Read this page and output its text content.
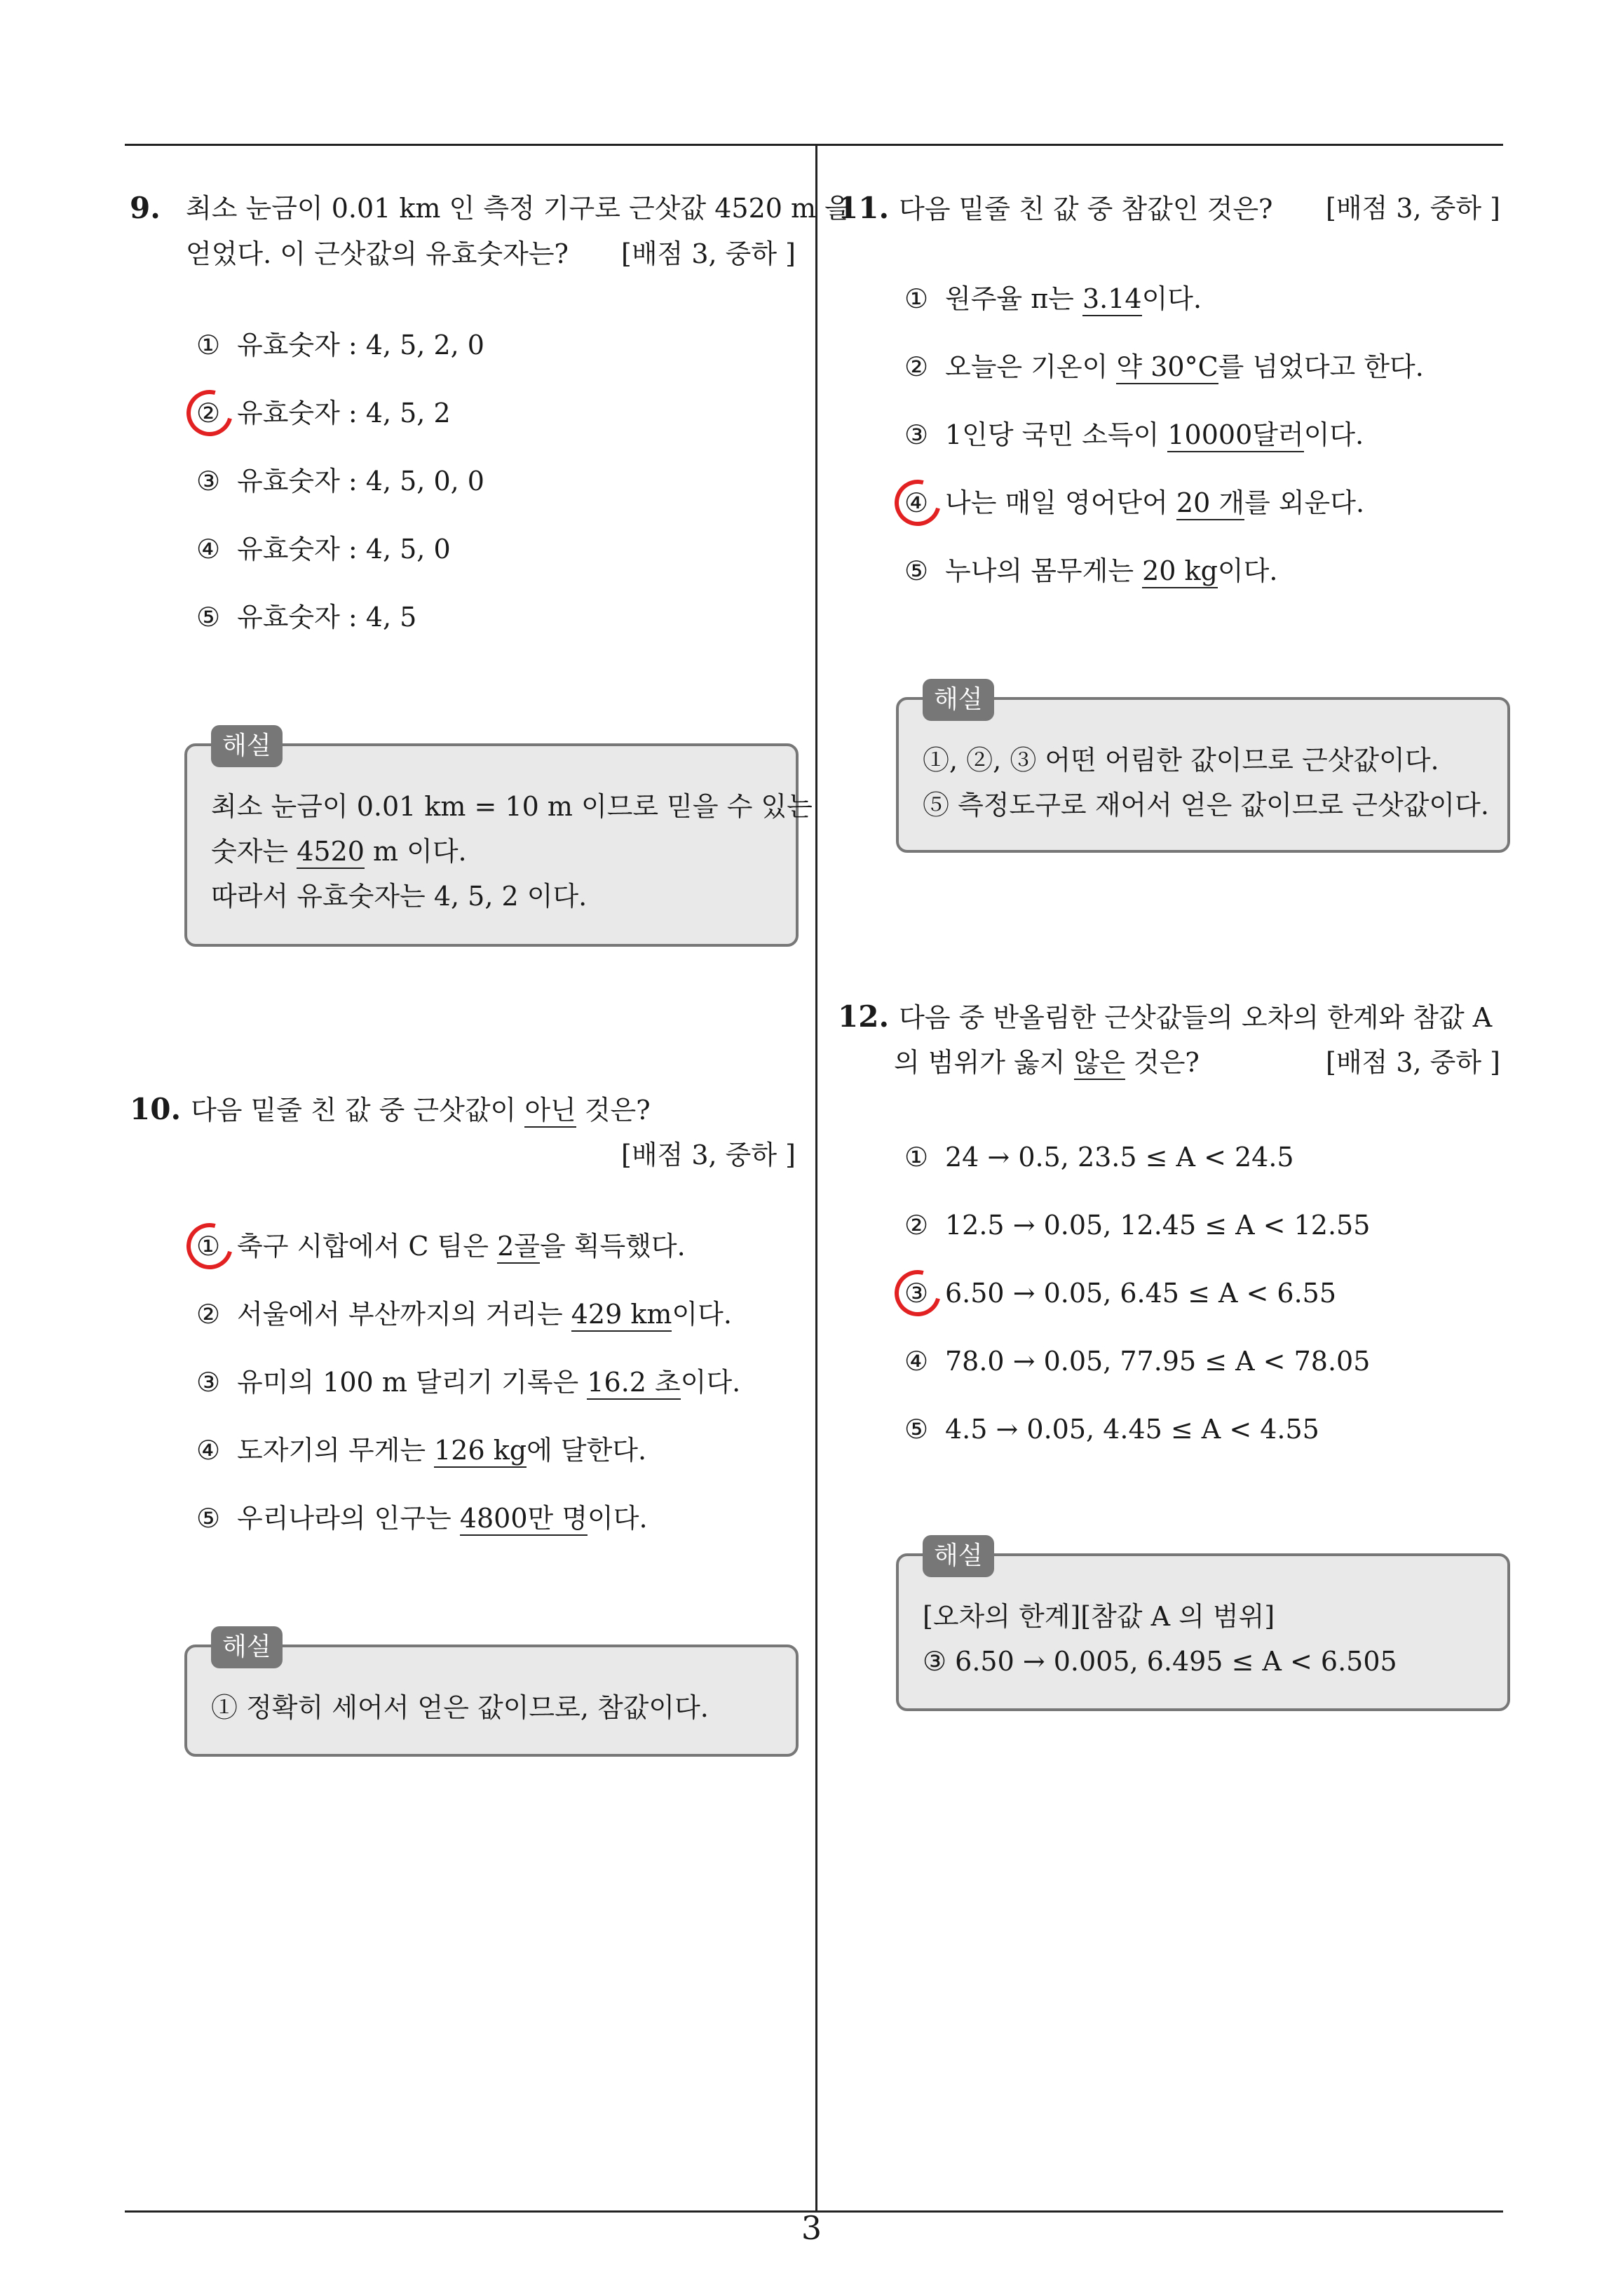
9. 최소 눈금이 0.01 km 인 측정 기구로 근삿값 4520 m 을
얻었다. 이 근삿값의 유효숫자는? [배점 3, 중하 ]
① 유효숫자 : 4, 5, 2, 0
② 유효숫자 : 4, 5, 2
③ 유효숫자 : 4, 5, 0, 0
④ 유효숫자 : 4, 5, 0
⑤ 유효숫자 : 4, 5
해설
최소 눈금이 0.01 km = 10 m 이므로 믿을 수 있는
숫자는 4520 m 이다.
따라서 유효숫자는 4, 5, 2 이다.
10. 다음 밑줄 친 값 중 근삿값이 아닌 것은?
[배점 3, 중하 ]
① 축구 시합에서 C 팀은 2골을 획득했다.
② 서울에서 부산까지의 거리는 429 km이다.
③ 유미의 100 m 달리기 기록은 16.2 초이다.
④ 도자기의 무게는 126 kg에 달한다.
⑤ 우리나라의 인구는 4800만 명이다.
해설
① 정확히 세어서 얻은 값이므로, 참값이다.
11. 다음 밑줄 친 값 중 참값인 것은? [배점 3, 중하 ]
① 원주율 π는 3.14이다.
② 오늘은 기온이 약 30°C를 넘었다고 한다.
③ 1인당 국민 소득이 10000달러이다.
④ 나는 매일 영어단어 20 개를 외운다.
⑤ 누나의 몸무게는 20 kg이다.
해설
①, ②, ③ 어떤 어림한 값이므로 근삿값이다.
⑤ 측정도구로 재어서 얻은 값이므로 근삿값이다.
12. 다음 중 반올림한 근삿값들의 오차의 한계와 참값 A
의 범위가 옳지 않은 것은?	[배점 3, 중하 ]
① 24 → 0.5, 23.5 ≤ A < 24.5
② 12.5 → 0.05, 12.45 ≤ A < 12.55
③ 6.50 → 0.05, 6.45 ≤ A < 6.55
④ 78.0 → 0.05, 77.95 ≤ A < 78.05
⑤ 4.5 → 0.05, 4.45 ≤ A < 4.55
해설
[오차의 한계][참값 A 의 범위]
③ 6.50 → 0.005, 6.495 ≤ A < 6.505
3
